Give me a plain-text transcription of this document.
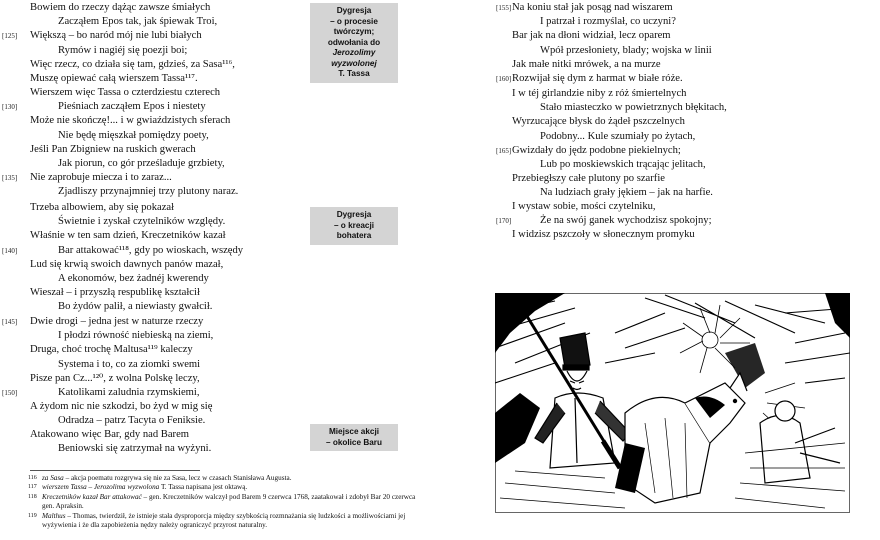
Bowiem do rzeczy dążąc zawsze śmiałych
Zacząłem Epos tak, jak śpiewak Troi,
[125] Większą – bo naród mój nie lubi białych
Rymów i nagiéj się poezji boi;
Więc rzecz, co działa się tam, gdzieś, za Sasa¹¹⁶,
Muszę opiewać całą wierszem Tassa¹¹⁷.
Wierszem więc Tassa o czterdziestu czterech
[130]	Pieśniach zacząłem Epos i niestety
Może nie skończę!... i w gwiaździstych sferach
Nie będę mięszkał pomiędzy poety,
Jeśli Pan Zbigniew na ruskich gwerach
Jak piorun, co gór prześladuje grzbiety,
[135] Nie zaprobuje miecza i to zaraz...
Zjadliszy przynajmniej trzy plutony naraz.
Trzeba albowiem, aby się pokazał
Świetnie i zyskał czytelników względy.
Właśnie w ten sam dzień, Kreczetników kazał
[140]	Bar attakować¹¹⁸, gdy po wioskach, wszędy
Lud się krwią swoich dawnych panów mazał,
A ekonomów, bez żadnéj kwerendy
Wieszał – i przyszłą respublikę kształcił
Bo żydów palił, a niewiasty gwałcił.
[145] Dwie drogi – jedna jest w naturze rzeczy
I płodzi równość niebieską na ziemi,
Druga, choć trochę Maltusa¹¹⁹ kaleczy
Systema i to, co za ziomki swemi
Pisze pan Cz...¹²⁰, z wolna Polskę leczy,
[150]	Katolikami zaludnia rzymskiemi,
A żydom nic nie szkodzi, bo żyd w mig się
Odradza – patrz Tacyta o Feniksie.
Atakowano więc Bar, gdy nad Barem
Beniowski się zatrzymał na wyżyni.
Dygresja
– o procesie
twórczym;
odwołania do
Jerozolimy
wyzwolonej
T. Tassa
Dygresja
– o kreacji
bohatera
Miejsce akcji
– okolice Baru
116 za Sasa – akcja poematu rozgrywa się nie za Sasa, lecz w czasach Stanisława Augusta.
117 wierszem Tassa – Jerozolima wyzwolona T. Tassa napisana jest oktawą.
118 Kreczetników kazał Bar attakować – gen. Kreczetników walczył pod Barem 9 czerwca 1768, zaatakował i zdobył Bar 20 czerwca gen. Apraksin.
119 Malthus – Thomas, twierdził, że istnieje stała dysproporcja między szybkością rozmnażania się ludzkości a możliwościami jej wyżywienia i że dla zapobieżenia nędzy należy ograniczyć przyrost naturalny.
[155] Na koniu stał jak posąg nad wiszarem
I patrzał i rozmyślał, co uczyni?
Bar jak na dłoni widział, lecz oparem
Wpół przesłoniety, blady; wojska w linii
Jak małe nitki mrówek, a na murze
[160] Rozwijał się dym z harmat w białe róże.
I w téj girlandzie niby z róż śmiertelnych
Stało miasteczko w powietrznych błękitach,
Wyrzucające błysk do żądeł pszczelnych
Podobny... Kule szumiały po żytach,
[165] Gwizdały do jędz podobne piekielnych;
Lub po moskiewskich trącając jelitach,
Przebiegłszy całe plutony po szarfie
Na ludziach grały jękiem – jak na harfie.
I wystaw sobie, mości czytelniku,
[170]	Że na swój ganek wychodzisz spokojny;
I widzisz pszczoły w słonecznym promyku
